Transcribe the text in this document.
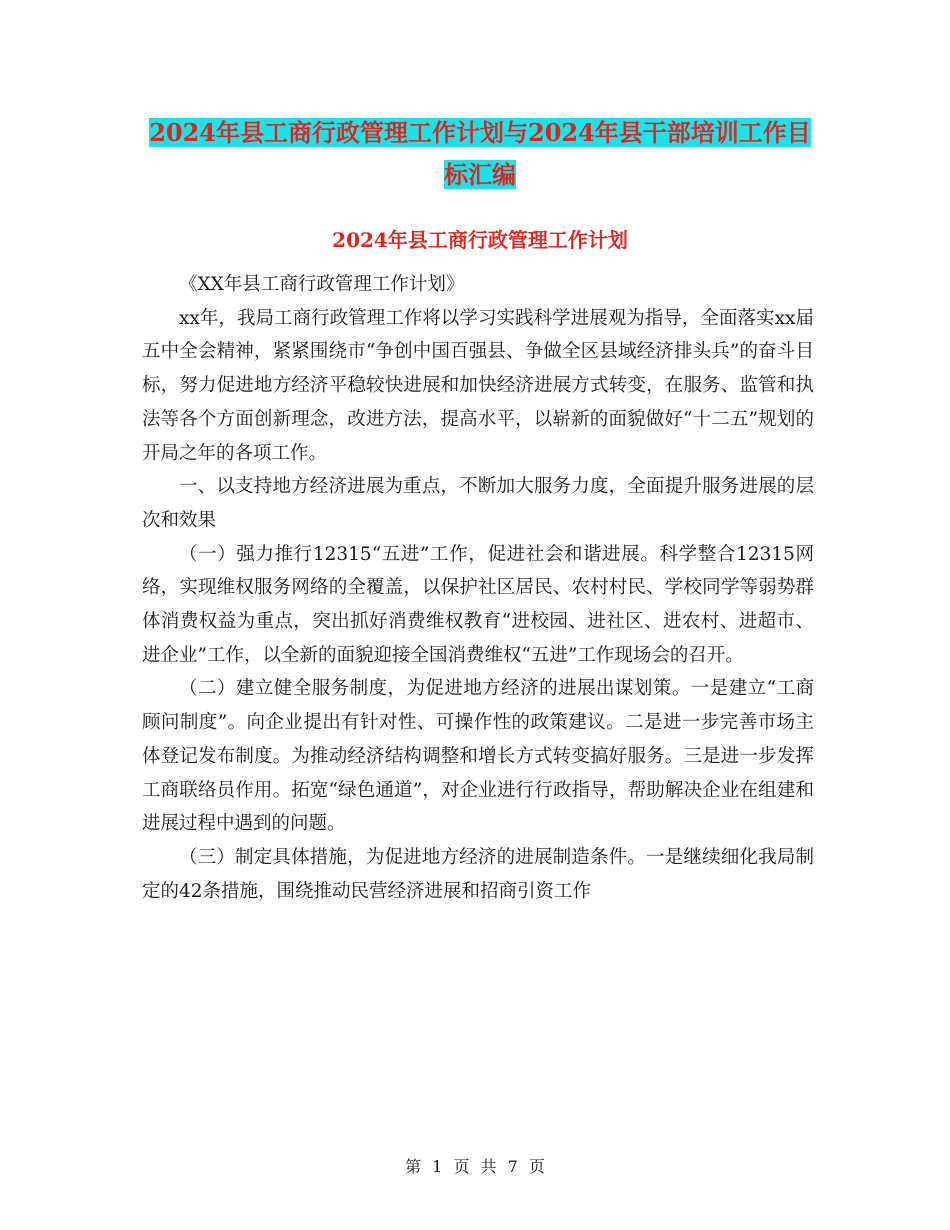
2024年县工商行政管理工作计划与2024年县干部培训工作目标汇编
2024年县工商行政管理工作计划

《XX年县工商行政管理工作计划》

xx年，我局工商行政管理工作将以学习实践科学进展观为指导，全面落实xx届五中全会精神，紧紧围绕市“争创中国百强县、争做全区县域经济排头兵”的奋斗目标，努力促进地方经济平稳较快进展和加快经济进展方式转变，在服务、监管和执法等各个方面创新理念，改进方法，提高水平，以崭新的面貌做好“十二五”规划的开局之年的各项工作。

一、以支持地方经济进展为重点，不断加大服务力度，全面提升服务进展的层次和效果

（一）强力推行12315“五进”工作，促进社会和谐进展。科学整合12315网络，实现维权服务网络的全覆盖，以保护社区居民、农村村民、学校同学等弱势群体消费权益为重点，突出抓好消费维权教育“进校园、进社区、进农村、进超市、进企业”工作，以全新的面貌迎接全国消费维权“五进”工作现场会的召开。

（二）建立健全服务制度，为促进地方经济的进展出谋划策。一是建立“工商顾问制度”。向企业提出有针对性、可操作性的政策建议。二是进一步完善市场主体登记发布制度。为推动经济结构调整和增长方式转变搞好服务。三是进一步发挥工商联络员作用。拓宽“绿色通道”，对企业进行行政指导，帮助解决企业在组建和进展过程中遇到的问题。

（三）制定具体措施，为促进地方经济的进展制造条件。一是继续细化我局制定的42条措施，围绕推动民营经济进展和招商引资工作

第 1 页 共 7 页
